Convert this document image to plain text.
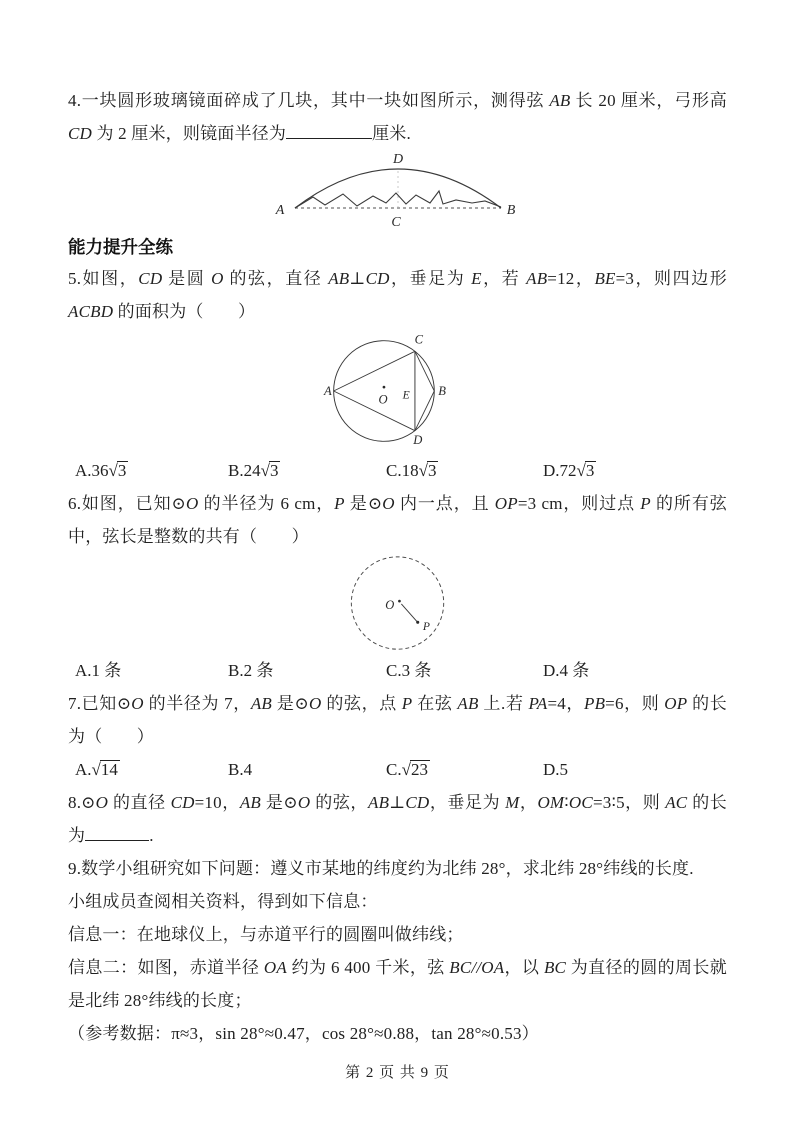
4.一块圆形玻璃镜面碎成了几块，其中一块如图所示，测得弦 AB 长 20 厘米，弓形高 CD 为 2 厘米，则镜面半径为	厘米.

A	B
C
D
能力提升全练

5.如图，CD 是圆 O 的弦，直径 AB⊥CD，垂足为 E，若 AB=12，BE=3，则四边形 ACBD 的面积为（　　）

O E
A	B
C
D
A.36√3	B.24√3	C.18√3	D.72√3

6.如图，已知⊙O 的半径为 6 cm，P 是⊙O 内一点，且 OP=3 cm，则过点 P 的所有弦中，弦长是整数的共有（　　）

O
P
A.1 条	B.2 条	C.3 条	D.4 条

7.已知⊙O 的半径为 7，AB 是⊙O 的弦，点 P 在弦 AB 上.若 PA=4，PB=6，则 OP 的长为（　　）

A.√14	B.4	C.√23	D.5

8.⊙O 的直径 CD=10，AB 是⊙O 的弦，AB⊥CD，垂足为 M，OM∶OC=3∶5，则 AC 的长为	.

9.数学小组研究如下问题：遵义市某地的纬度约为北纬 28°，求北纬 28°纬线的长度.

小组成员查阅相关资料，得到如下信息：

信息一：在地球仪上，与赤道平行的圆圈叫做纬线；

信息二：如图，赤道半径 OA 约为 6 400 千米，弦 BC//OA，以 BC 为直径的圆的周长就是北纬 28°纬线的长度；

（参考数据：π≈3，sin 28°≈0.47，cos 28°≈0.88，tan 28°≈0.53）

第 2 页 共 9 页
